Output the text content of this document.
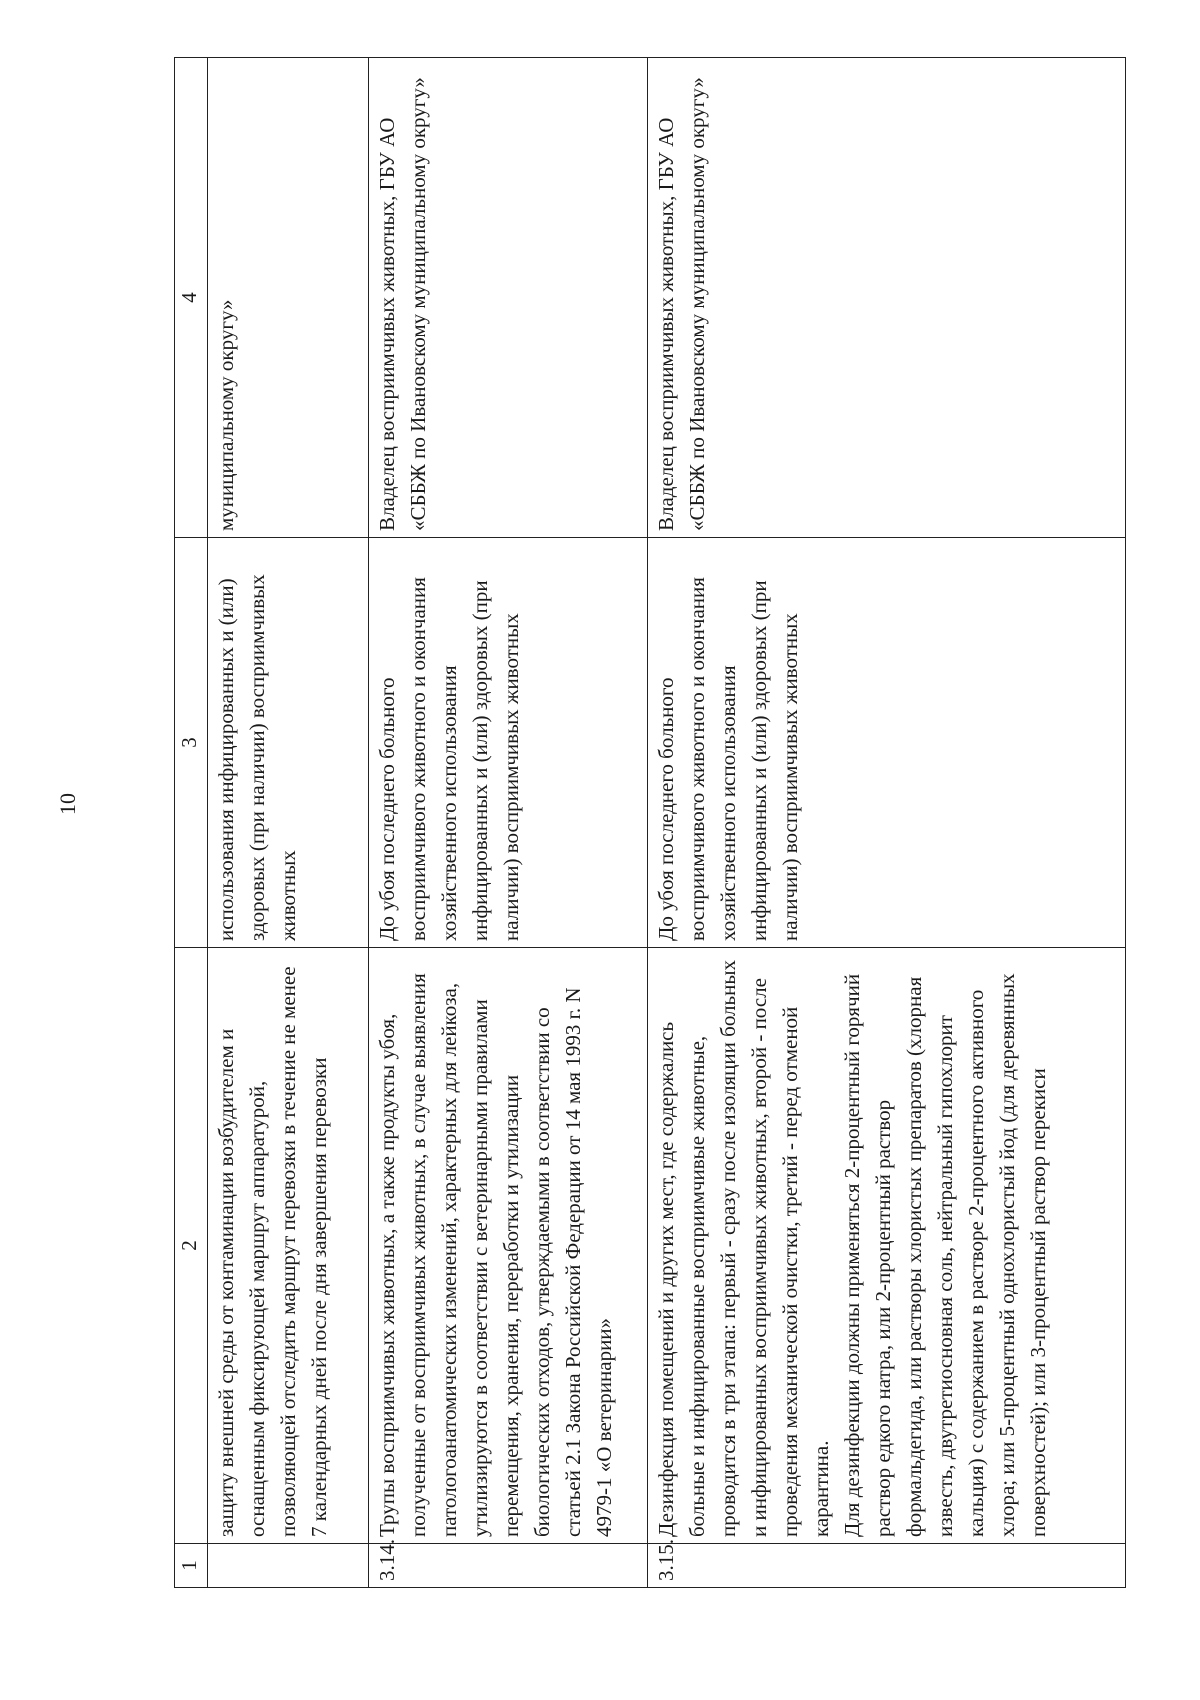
10
1	2	3	4

	защиту внешней среды от контаминации возбудителем и оснащенным фиксирующей маршрут аппаратурой, позволяющей отследить маршрут перевозки в течение не менее 7 календарных дней после дня завершения перевозки	использования инфицированных и (или) здоровых (при наличии) восприимчивых животных	муниципальному округу»
3.14.	Трупы восприимчивых животных, а также продукты убоя, полученные от восприимчивых животных, в случае выявления патологоанатомических изменений, характерных для лейкоза, утилизируются в соответствии с ветеринарными правилами перемещения, хранения, переработки и утилизации биологических отходов, утверждаемыми в соответствии со статьей 2.1 Закона Российской Федерации от 14 мая 1993 г. N 4979-1 «О ветеринарии»	До убоя последнего больного восприимчивого животного и окончания хозяйственного использования инфицированных и (или) здоровых (при наличии) восприимчивых животных	Владелец восприимчивых животных, ГБУ АО «СББЖ по Ивановскому муниципальному округу»
3.15.	Дезинфекция помещений и других мест, где содержались больные и инфицированные восприимчивые животные, проводится в три этапа: первый - сразу после изоляции больных и инфицированных восприимчивых животных, второй - после проведения механической очистки, третий - перед отменой карантина. Для дезинфекции должны применяться 2-процентный горячий раствор едкого натра, или 2-процентный раствор формальдегида, или растворы хлористых препаратов (хлорная известь, двутретиосновная соль, нейтральный гипохлорит кальция) с содержанием в растворе 2-процентного активного хлора; или 5-процентный однохлористый йод (для деревянных поверхностей); или 3-процентный раствор перекиси	До убоя последнего больного восприимчивого животного и окончания хозяйственного использования инфицированных и (или) здоровых (при наличии) восприимчивых животных	Владелец восприимчивых животных, ГБУ АО «СББЖ по Ивановскому муниципальному округу»
